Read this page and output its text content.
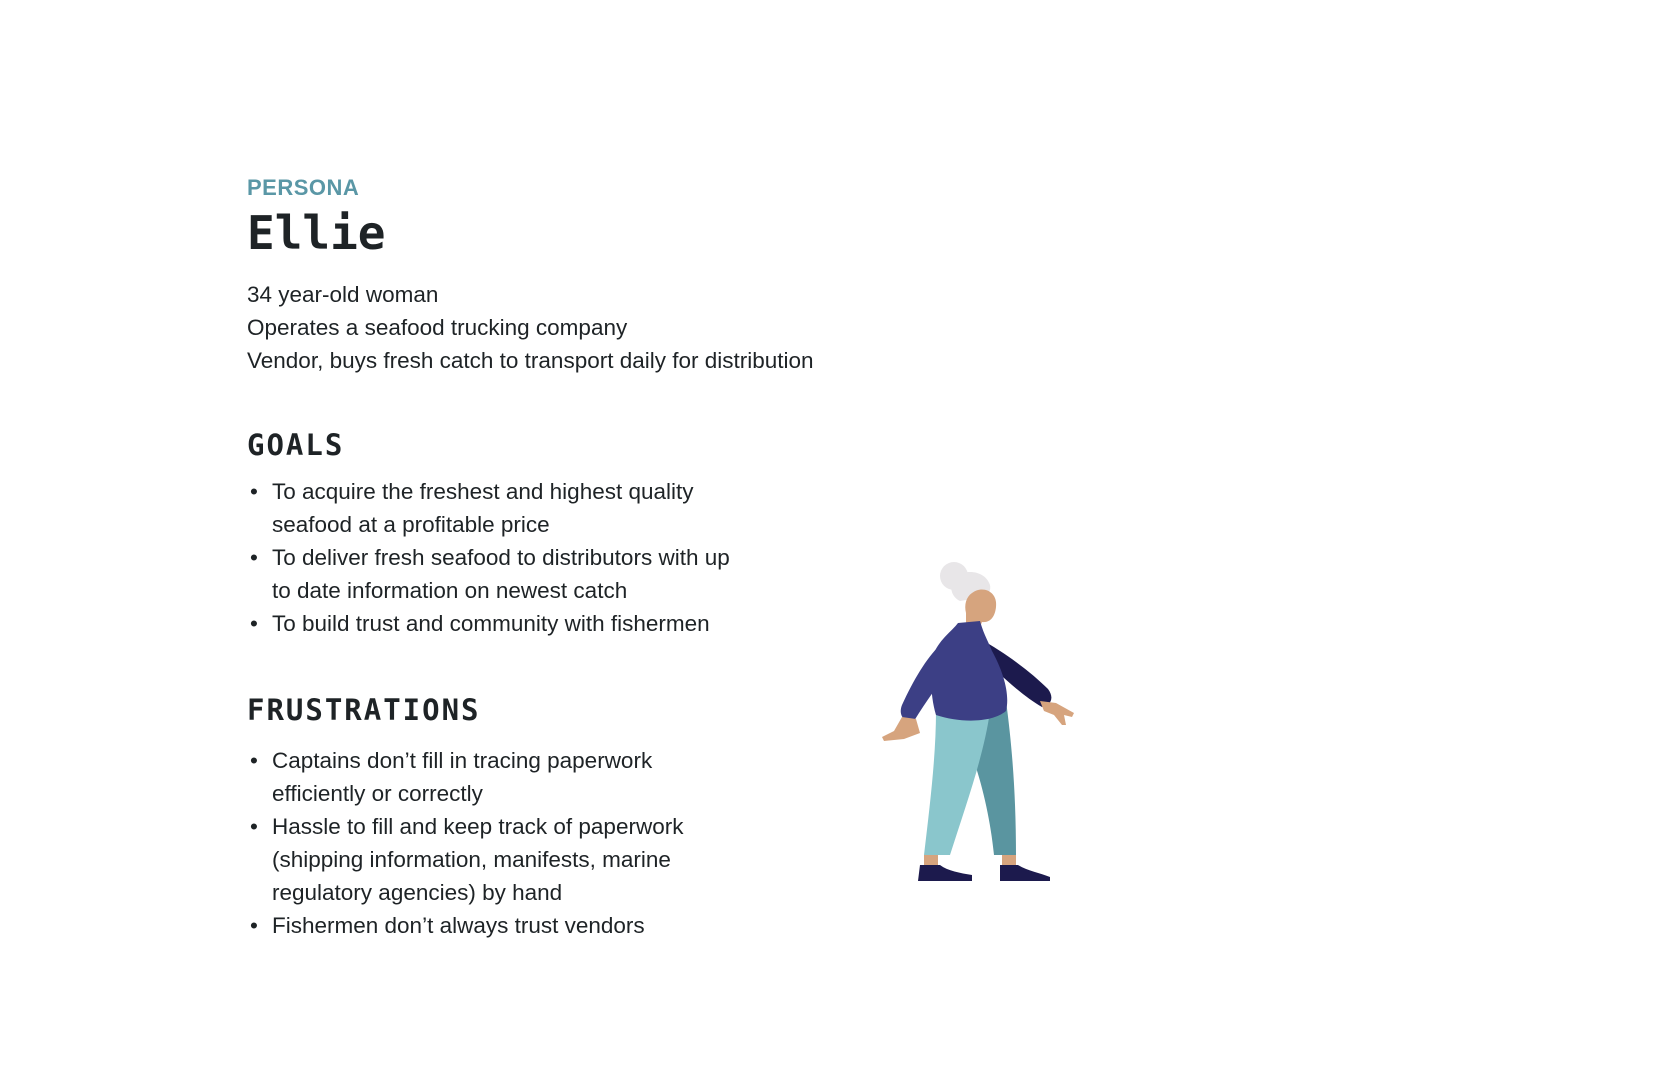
PERSONA

Ellie
34 year-old woman
Operates a seafood trucking company
Vendor, buys fresh catch to transport daily for distribution
GOALS
• To acquire the freshest and highest quality seafood at a profitable price
• To deliver fresh seafood to distributors with up to date information on newest catch
• To build trust and community with fishermen
FRUSTRATIONS
• Captains don’t fill in tracing paperwork efficiently or correctly
• Hassle to fill and keep track of paperwork (shipping information, manifests, marine regulatory agencies) by hand
• Fishermen don’t always trust vendors
